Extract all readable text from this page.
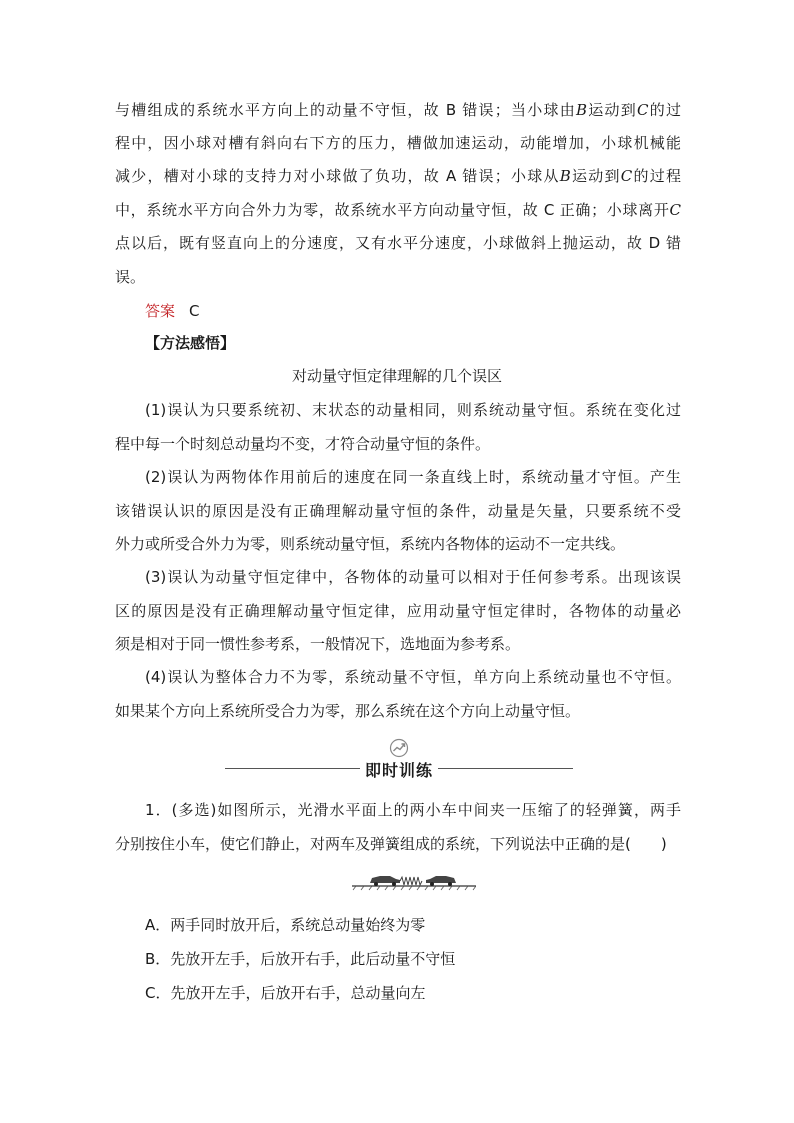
与槽组成的系统水平方向上的动量不守恒，故 B 错误；当小球由B运动到C的过
程中，因小球对槽有斜向右下方的压力，槽做加速运动，动能增加，小球机械能
减少，槽对小球的支持力对小球做了负功，故 A 错误；小球从B运动到C的过程
中，系统水平方向合外力为零，故系统水平方向动量守恒，故 C 正确；小球离开C
点以后，既有竖直向上的分速度，又有水平分速度，小球做斜上抛运动，故 D 错
误。
答案 C
【方法感悟】
对动量守恒定律理解的几个误区
(1)误认为只要系统初、末状态的动量相同，则系统动量守恒。系统在变化过
程中每一个时刻总动量均不变，才符合动量守恒的条件。
(2)误认为两物体作用前后的速度在同一条直线上时，系统动量才守恒。产生
该错误认识的原因是没有正确理解动量守恒的条件，动量是矢量，只要系统不受
外力或所受合外力为零，则系统动量守恒，系统内各物体的运动不一定共线。
(3)误认为动量守恒定律中，各物体的动量可以相对于任何参考系。出现该误
区的原因是没有正确理解动量守恒定律，应用动量守恒定律时，各物体的动量必
须是相对于同一惯性参考系，一般情况下，选地面为参考系。
(4)误认为整体合力不为零，系统动量不守恒，单方向上系统动量也不守恒。
如果某个方向上系统所受合力为零，那么系统在这个方向上动量守恒。
即时训练
1．(多选)如图所示，光滑水平面上的两小车中间夹一压缩了的轻弹簧，两手
分别按住小车，使它们静止，对两车及弹簧组成的系统，下列说法中正确的是(　　)
A．两手同时放开后，系统总动量始终为零
B．先放开左手，后放开右手，此后动量不守恒
C．先放开左手，后放开右手，总动量向左
